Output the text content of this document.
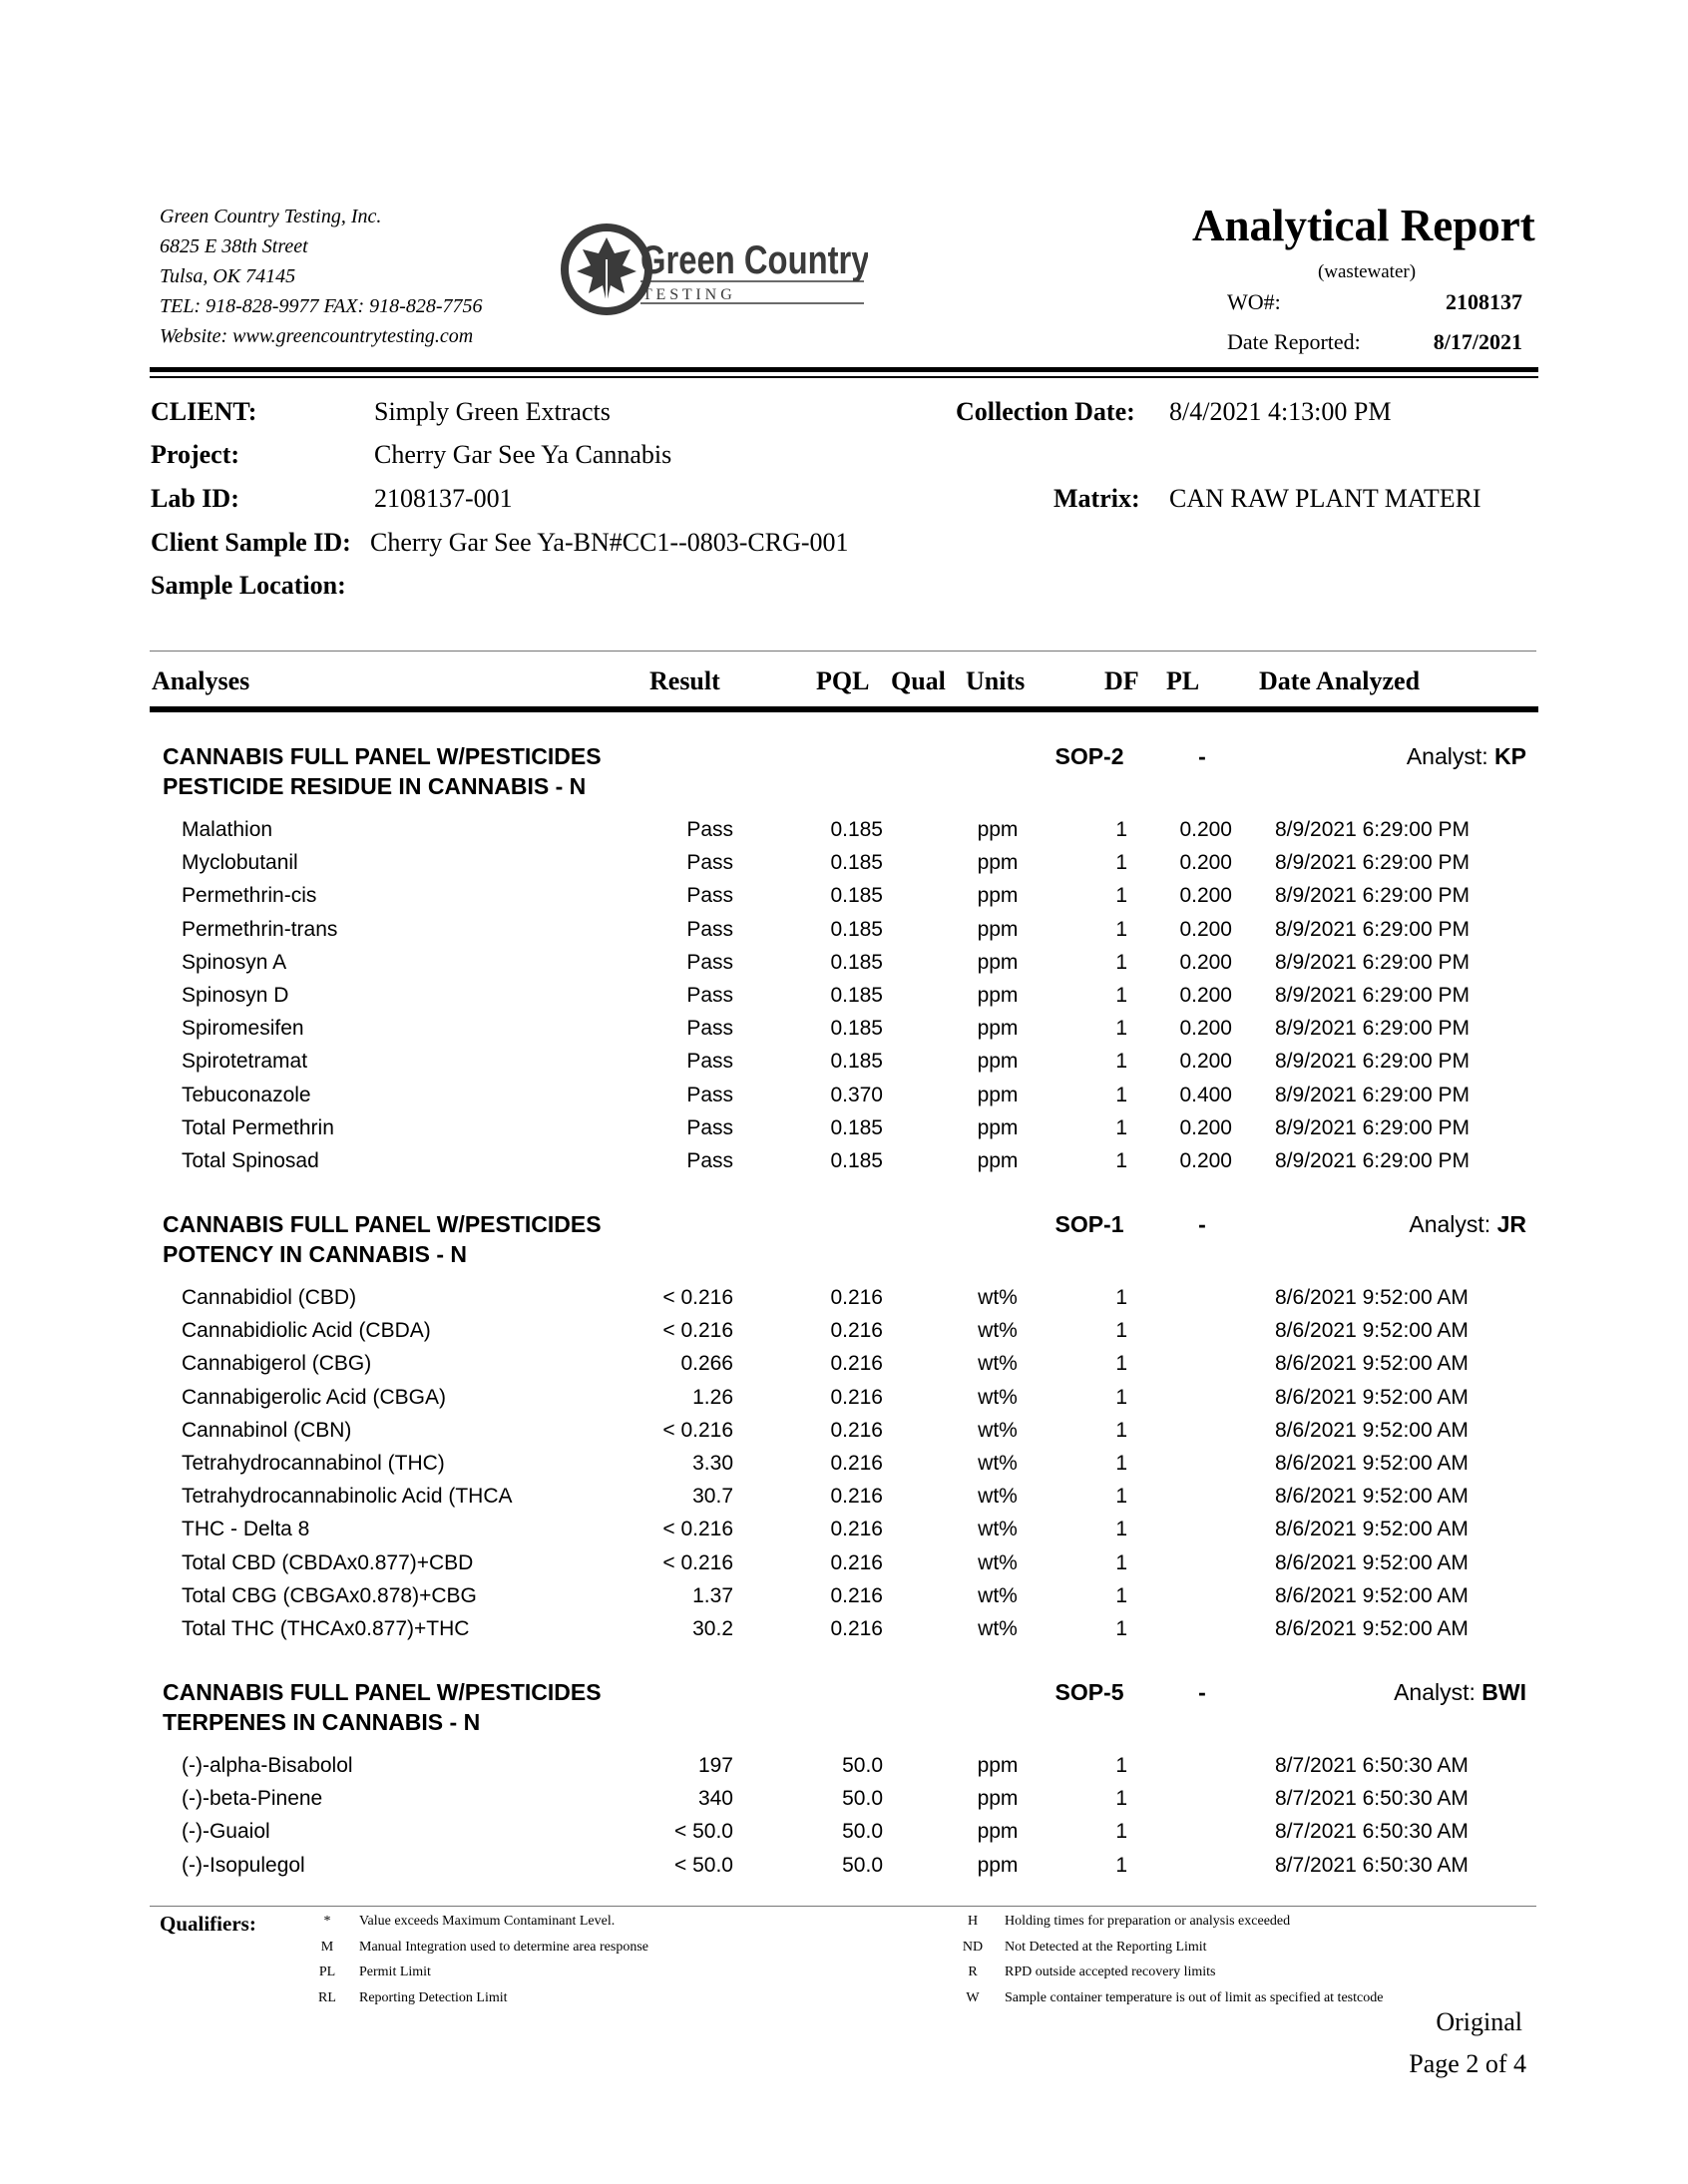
Green Country Testing, Inc.
6825 E 38th Street
Tulsa, OK 74145
TEL: 918-828-9977 FAX: 918-828-7756
Website: www.greencountrytesting.com
Green Country
T E S T I N G
Analytical Report
(wastewater)
WO#:	2108137
Date Reported:	8/17/2021
CLIENT:	Simply Green Extracts
Project:	Cherry Gar See Ya Cannabis
Lab ID:	2108137-001
Client Sample ID: Cherry Gar See Ya-BN#CC1--0803-CRG-001
Sample Location:
Collection Date: 8/4/2021 4:13:00 PM
Matrix: CAN RAW PLANT MATERI
Analyses	Result	PQL Qual Units	DF PL Date Analyzed
CANNABIS FULL PANEL W/PESTICIDES
PESTICIDE RESIDUE IN CANNABIS - N
SOP-2	-	Analyst: KP
Malathion	Pass	0.185	ppm	1	0.200 8/9/2021 6:29:00 PM
Myclobutanil	Pass	0.185	ppm	1	0.200 8/9/2021 6:29:00 PM
Permethrin-cis	Pass	0.185	ppm	1	0.200 8/9/2021 6:29:00 PM
Permethrin-trans	Pass	0.185	ppm	1	0.200 8/9/2021 6:29:00 PM
Spinosyn A	Pass	0.185	ppm	1	0.200 8/9/2021 6:29:00 PM
Spinosyn D	Pass	0.185	ppm	1	0.200 8/9/2021 6:29:00 PM
Spiromesifen	Pass	0.185	ppm	1	0.200 8/9/2021 6:29:00 PM
Spirotetramat	Pass	0.185	ppm	1	0.200 8/9/2021 6:29:00 PM
Tebuconazole	Pass	0.370	ppm	1	0.400 8/9/2021 6:29:00 PM
Total Permethrin	Pass	0.185	ppm	1	0.200 8/9/2021 6:29:00 PM
Total Spinosad	Pass	0.185	ppm	1	0.200 8/9/2021 6:29:00 PM
CANNABIS FULL PANEL W/PESTICIDES
POTENCY IN CANNABIS - N
SOP-1	-	Analyst: JR
Cannabidiol (CBD)	< 0.216	0.216	wt%	1	8/6/2021 9:52:00 AM
Cannabidiolic Acid (CBDA)	< 0.216	0.216	wt%	1	8/6/2021 9:52:00 AM
Cannabigerol (CBG)	0.266	0.216	wt%	1	8/6/2021 9:52:00 AM
Cannabigerolic Acid (CBGA)	1.26	0.216	wt%	1	8/6/2021 9:52:00 AM
Cannabinol (CBN)	< 0.216	0.216	wt%	1	8/6/2021 9:52:00 AM
Tetrahydrocannabinol (THC)	3.30	0.216	wt%	1	8/6/2021 9:52:00 AM
Tetrahydrocannabinolic Acid (THCA	30.7	0.216	wt%	1	8/6/2021 9:52:00 AM
THC - Delta 8	< 0.216	0.216	wt%	1	8/6/2021 9:52:00 AM
Total CBD (CBDAx0.877)+CBD	< 0.216	0.216	wt%	1	8/6/2021 9:52:00 AM
Total CBG (CBGAx0.878)+CBG	1.37	0.216	wt%	1	8/6/2021 9:52:00 AM
Total THC (THCAx0.877)+THC	30.2	0.216	wt%	1	8/6/2021 9:52:00 AM
CANNABIS FULL PANEL W/PESTICIDES
TERPENES IN CANNABIS - N
SOP-5	-	Analyst: BWI
(-)-alpha-Bisabolol	197	50.0	ppm	1	8/7/2021 6:50:30 AM
(-)-beta-Pinene	340	50.0	ppm	1	8/7/2021 6:50:30 AM
(-)-Guaiol	< 50.0	50.0	ppm	1	8/7/2021 6:50:30 AM
(-)-Isopulegol	< 50.0	50.0	ppm	1	8/7/2021 6:50:30 AM
Qualifiers:	* Value exceeds Maximum Contaminant Level.
M Manual Integration used to determine area response
PL Permit Limit
RL Reporting Detection Limit
H Holding times for preparation or analysis exceeded
ND Not Detected at the Reporting Limit
R RPD outside accepted recovery limits
W Sample container temperature is out of limit as specified at testcode
Original
Page 2 of 4
